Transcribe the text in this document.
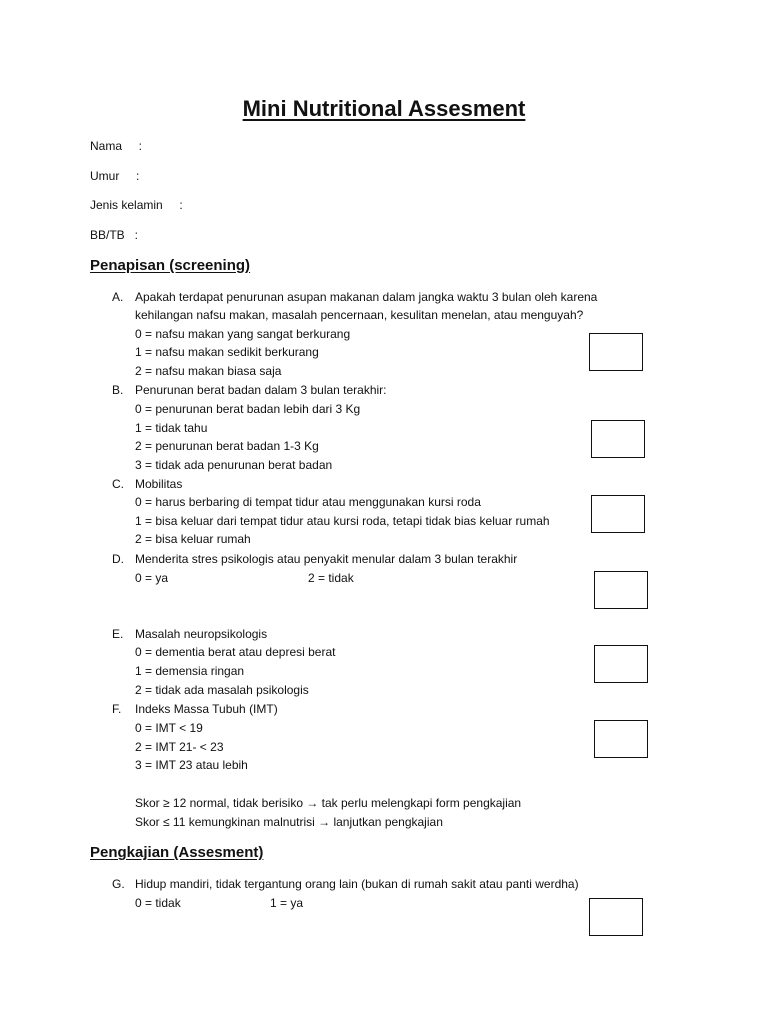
Mini Nutritional Assesment
Nama     :
Umur     :
Jenis kelamin     :
BB/TB   :
Penapisan (screening)
A. Apakah terdapat penurunan asupan makanan dalam jangka waktu 3 bulan oleh karena
kehilangan nafsu makan, masalah pencernaan, kesulitan menelan, atau menguyah?
0 = nafsu makan yang sangat berkurang
1 = nafsu makan sedikit berkurang
2 = nafsu makan biasa saja
B. Penurunan berat badan dalam 3 bulan terakhir:
0 = penurunan berat badan lebih dari 3 Kg
1 = tidak tahu
2 = penurunan berat badan 1-3 Kg
3 = tidak ada penurunan berat badan
C. Mobilitas
0 = harus berbaring di tempat tidur atau menggunakan kursi roda
1 = bisa keluar dari tempat tidur atau kursi roda, tetapi tidak bias keluar rumah
2 = bisa keluar rumah
D. Menderita stres psikologis atau penyakit menular dalam 3 bulan terakhir
0 = ya	2 = tidak
E. Masalah neuropsikologis
0 = dementia berat atau depresi berat
1 = demensia ringan
2 = tidak ada masalah psikologis
F. Indeks Massa Tubuh (IMT)
0 = IMT < 19
2 = IMT 21- < 23
3 = IMT 23 atau lebih
Skor ≥ 12 normal, tidak berisiko → tak perlu melengkapi form pengkajian
Skor ≤ 11 kemungkinan malnutrisi → lanjutkan pengkajian
Pengkajian (Assesment)
G. Hidup mandiri, tidak tergantung orang lain (bukan di rumah sakit atau panti werdha)
0 = tidak	1 = ya
